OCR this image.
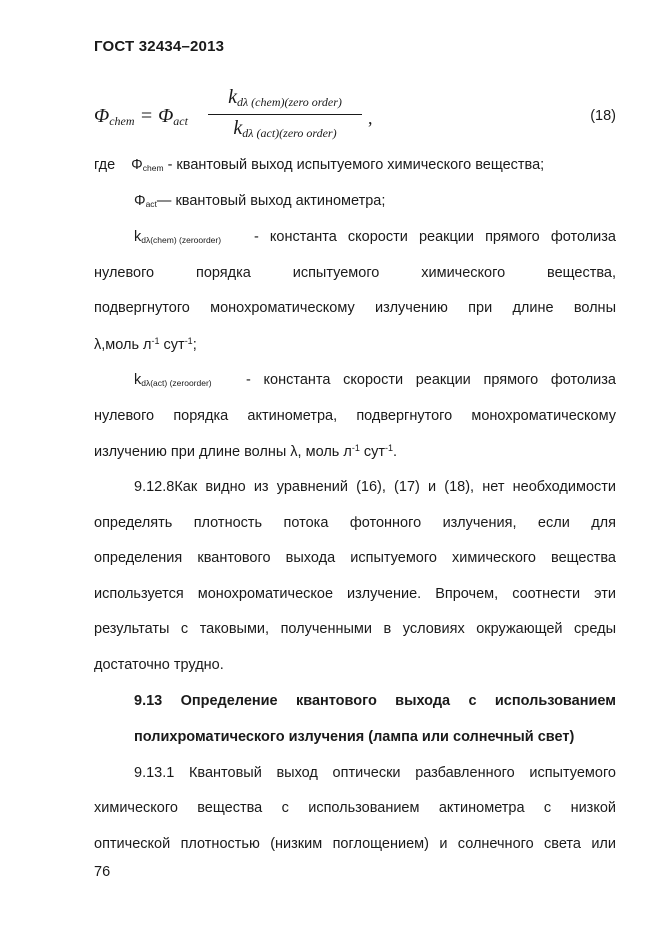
ГОСТ 32434–2013
$\Phi_{chem} = \Phi_{act}$
$k_{d\lambda (chem)(zero order)}$
$k_{d\lambda (act)(zero order)}$
,	(18)
где Φchem - квантовый выход испытуемого химического вещества;
Φact— квантовый выход актинометра;
kdλ(chem) (zeroorder) - константа скорости реакции прямого фотолиза
нулевого порядка испытуемого химического вещества,
подвергнутого монохроматическому излучению при длине волны
λ,моль $л^{-1}$ сут$^{-1}$;
kdλ(act) (zeroorder) - константа скорости реакции прямого фотолиза
нулевого порядка актинометра, подвергнутого монохроматическому
излучению при длине волны λ, моль $л^{-1}$ сут$^{-1}$.
9.12.8Как видно из уравнений (16), (17) и (18), нет необходимости
определять плотность потока фотонного излучения, если для
определения квантового выхода испытуемого химического вещества
используется монохроматическое излучение. Впрочем, соотнести эти
результаты с таковыми, полученными в условиях окружающей среды
достаточно трудно.
9.13 Определение квантового выхода с использованием
полихроматического излучения (лампа или солнечный свет)
9.13.1 Квантовый выход оптически разбавленного испытуемого
химического вещества с использованием актинометра с низкой
оптической плотностью (низким поглощением) и солнечного света или
76
